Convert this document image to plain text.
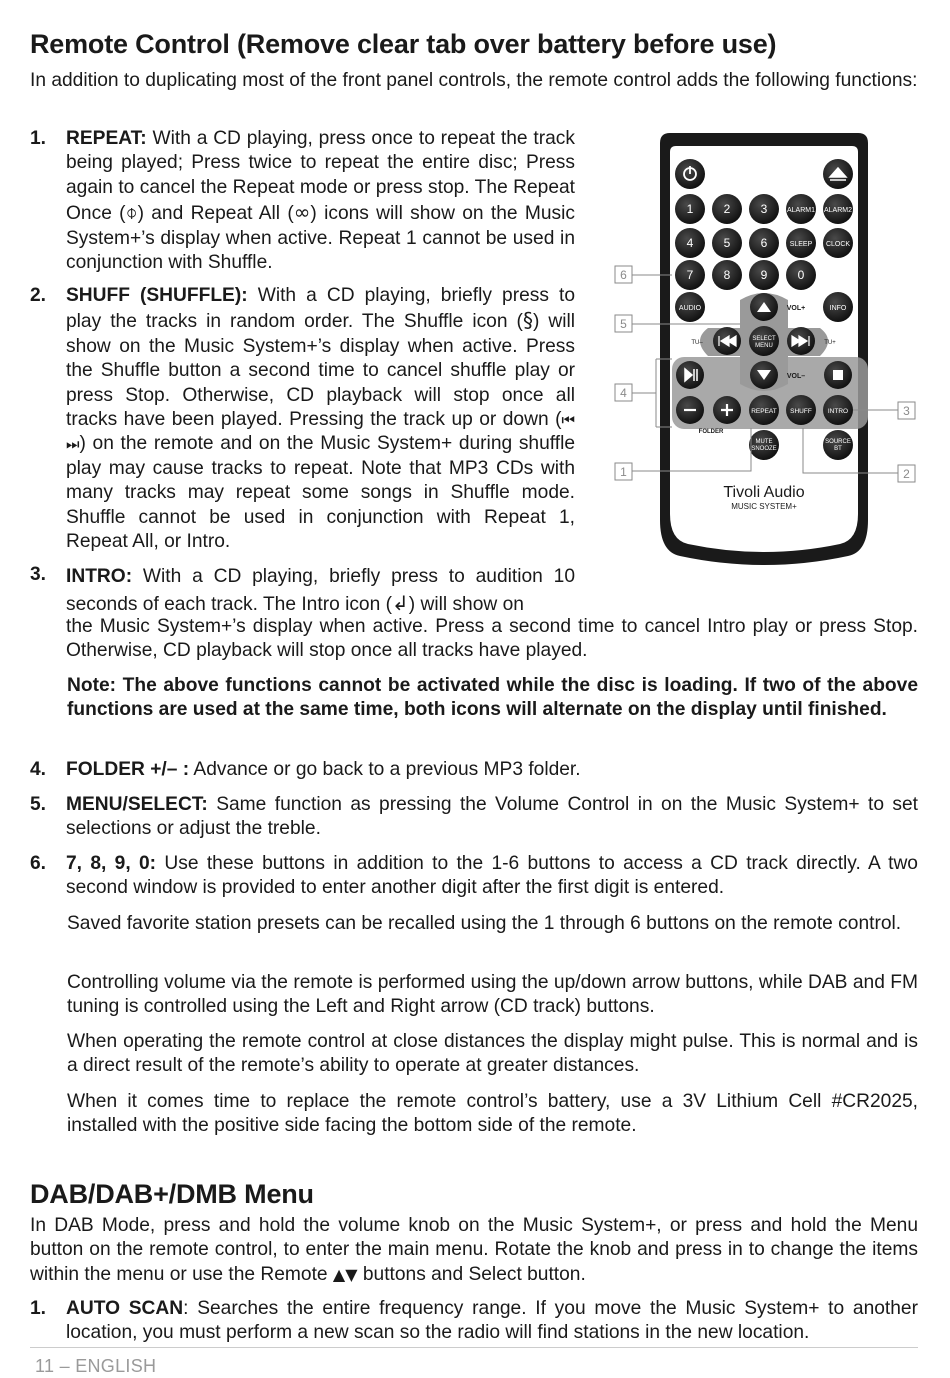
Remote Control (Remove clear tab over battery before use)
In addition to duplicating most of the front panel controls, the remote control adds the following functions:
1. REPEAT: With a CD playing, press once to repeat the track being played; Press twice to repeat the entire disc; Press again to cancel the Repeat mode or press stop. The Repeat Once (⌽) and Repeat All (∞) icons will show on the Music System+’s display when active. Repeat 1 cannot be used in conjunction with Shuffle.
2. SHUFF (SHUFFLE): With a CD playing, briefly press to play the tracks in random order. The Shuffle icon (§) will show on the Music System+’s display when active. Press the Shuffle button a second time to cancel shuffle play or press Stop. Otherwise, CD playback will stop once all tracks have been played. Pressing the track up or down (⏮ ⏭) on the remote and on the Music System+ during shuffle play may cause tracks to repeat. Note that MP3 CDs with many tracks may repeat some songs in Shuffle mode. Shuffle cannot be used in conjunction with Repeat 1, Repeat All, or Intro.
3. INTRO: With a CD playing, briefly press to audition 10 seconds of each track. The Intro icon (↲) will show on
the Music System+’s display when active. Press a second time to cancel Intro play or press Stop. Otherwise, CD playback will stop once all tracks have played.
Note: The above functions cannot be activated while the disc is loading. If two of the above functions are used at the same time, both icons will alternate on the display until finished.
4. FOLDER +/– : Advance or go back to a previous MP3 folder.
5. MENU/SELECT: Same function as pressing the Volume Control in on the Music System+ to set selections or adjust the treble.
6. 7, 8, 9, 0: Use these buttons in addition to the 1-6 buttons to access a CD track directly. A two second window is provided to enter another digit after the first digit is entered.
Saved favorite station presets can be recalled using the 1 through 6 buttons on the remote control.
Controlling volume via the remote is performed using the up/down arrow buttons, while DAB and FM tuning is controlled using the Left and Right arrow (CD track) buttons.
When operating the remote control at close distances the display might pulse. This is normal and is a direct result of the remote’s ability to operate at greater distances.
When it comes time to replace the remote control’s battery, use a 3V Lithium Cell #CR2025, installed with the positive side facing the bottom side of the remote.
DAB/DAB+/DMB Menu
In DAB Mode, press and hold the volume knob on the Music System+, or press and hold the Menu button on the remote control, to enter the main menu. Rotate the knob and press in to change the items within the menu or use the Remote ▲▼ buttons and Select button.
1. AUTO SCAN: Searches the entire frequency range. If you move the Music System+ to another location, you must perform a new scan so the radio will find stations in the new location.
11 – ENGLISH
1	2	3
4	5	6
7	8	9	0
ALARM1 ALARM2
SLEEP CLOCK
AUDIO	INFO
SELECT
MENU
VOL+
VOL–
TU–	TU+
FOLDER
REPEAT SHUFF INTRO
MUTE
SNOOZE
SOURCE
BT
Tivoli Audio
MUSIC SYSTEM+
6
5
4
1
3
2
